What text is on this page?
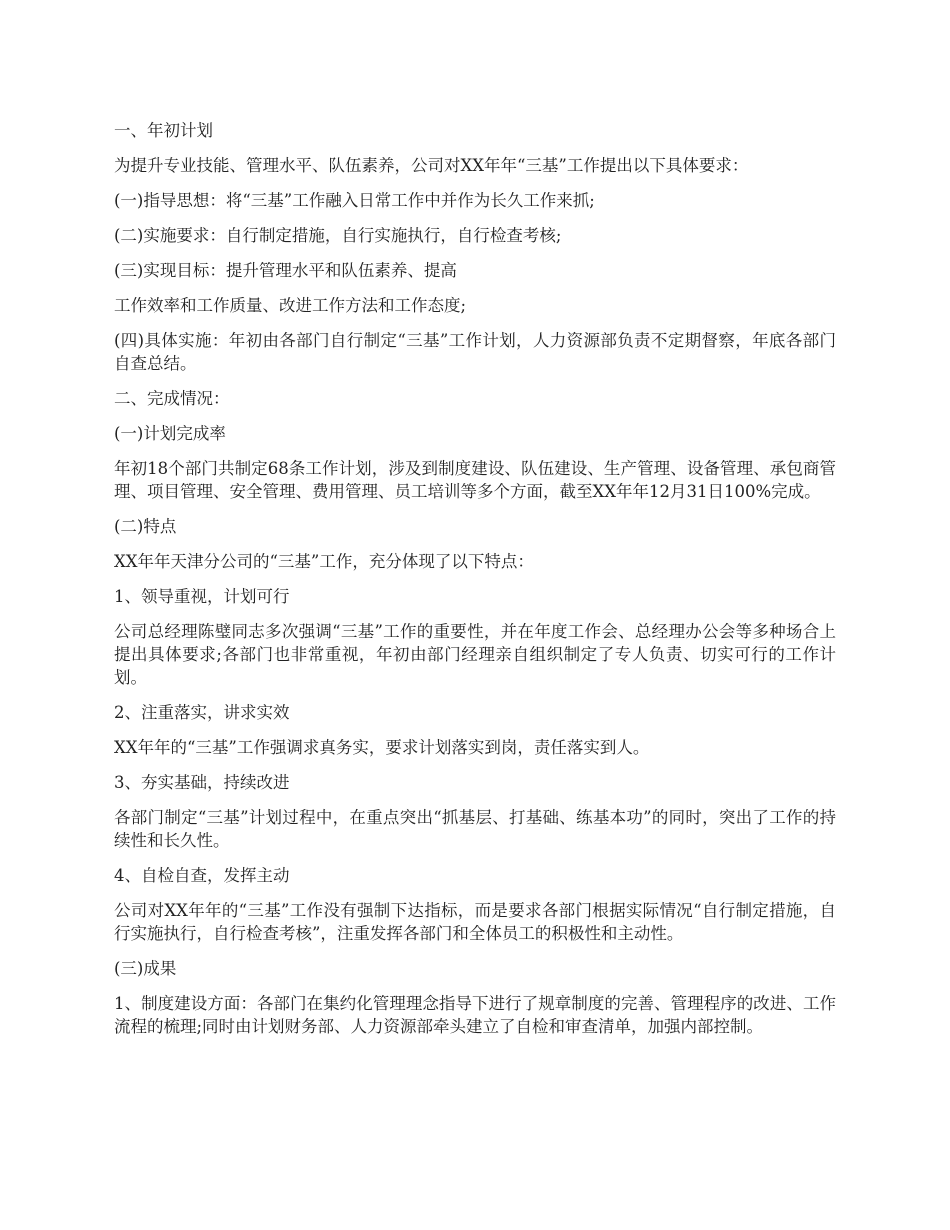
一、年初计划

为提升专业技能、管理水平、队伍素养，公司对XX年年“三基”工作提出以下具体要求：

(一)指导思想：将“三基”工作融入日常工作中并作为长久工作来抓;

(二)实施要求：自行制定措施，自行实施执行，自行检查考核;

(三)实现目标：提升管理水平和队伍素养、提高

工作效率和工作质量、改进工作方法和工作态度;

(四)具体实施：年初由各部门自行制定“三基”工作计划，人力资源部负责不定期督察，年底各部门自查总结。

二、完成情况：

(一)计划完成率

年初18个部门共制定68条工作计划，涉及到制度建设、队伍建设、生产管理、设备管理、承包商管理、项目管理、安全管理、费用管理、员工培训等多个方面，截至XX年年12月31日100%完成。

(二)特点

XX年年天津分公司的“三基”工作，充分体现了以下特点：

1、领导重视，计划可行

公司总经理陈璧同志多次强调“三基”工作的重要性，并在年度工作会、总经理办公会等多种场合上提出具体要求;各部门也非常重视，年初由部门经理亲自组织制定了专人负责、切实可行的工作计划。

2、注重落实，讲求实效

XX年年的“三基”工作强调求真务实，要求计划落实到岗，责任落实到人。

3、夯实基础，持续改进

各部门制定“三基”计划过程中，在重点突出“抓基层、打基础、练基本功”的同时，突出了工作的持续性和长久性。

4、自检自查，发挥主动

公司对XX年年的“三基”工作没有强制下达指标，而是要求各部门根据实际情况“自行制定措施，自行实施执行，自行检查考核”，注重发挥各部门和全体员工的积极性和主动性。

(三)成果

1、制度建设方面：各部门在集约化管理理念指导下进行了规章制度的完善、管理程序的改进、工作流程的梳理;同时由计划财务部、人力资源部牵头建立了自检和审查清单，加强内部控制。
